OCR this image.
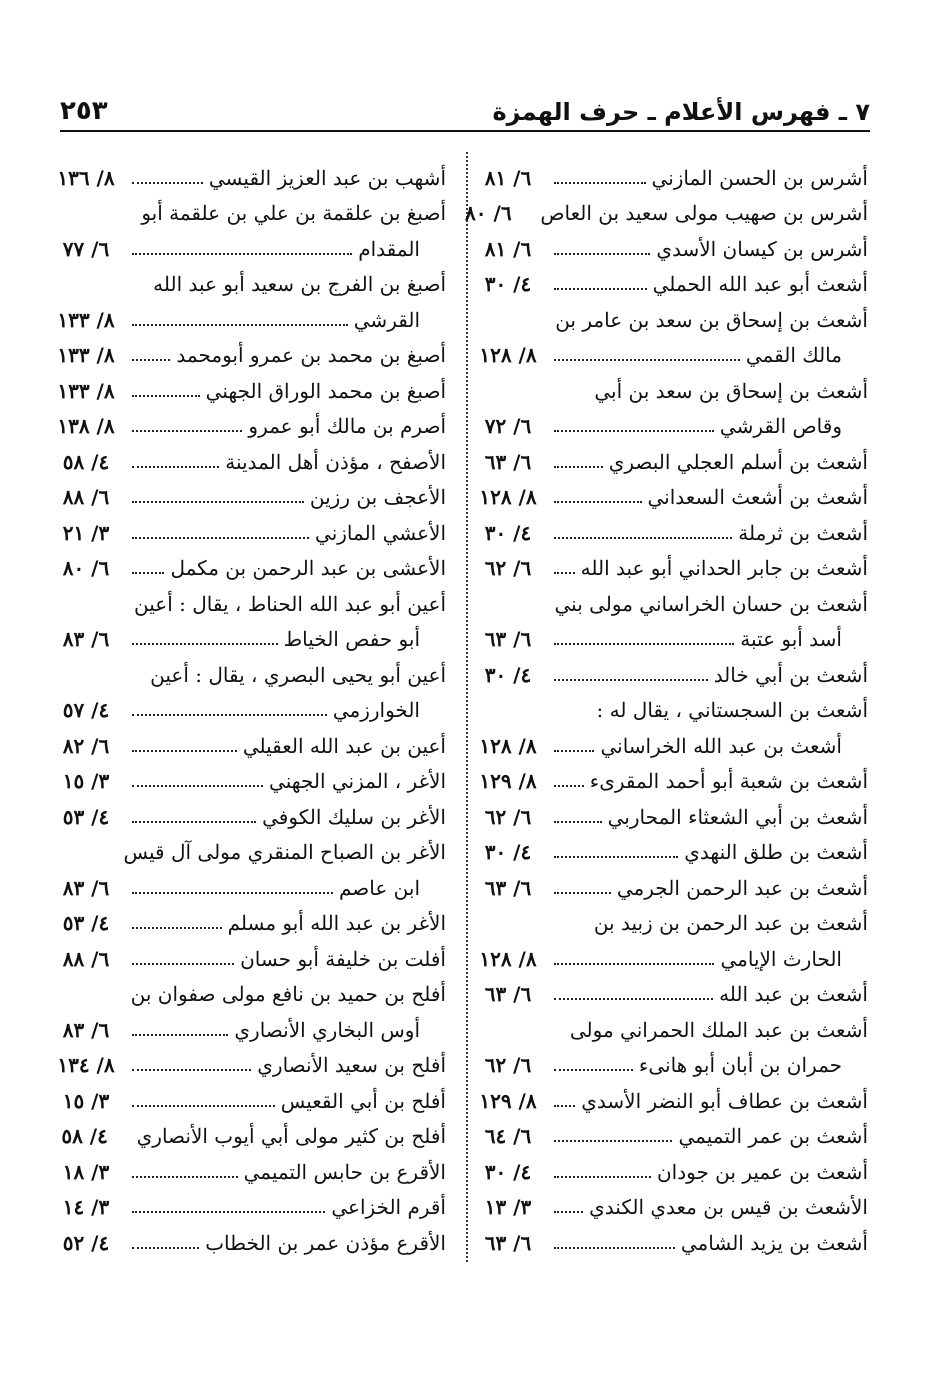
٧ ـ فهرس الأعلام ـ حرف الهمزة
٢٥٣
أشرس بن الحسن المازني
٦/ ٨١
أشرس بن صهيب مولى سعيد بن العاص
٦/ ٨٠
أشرس بن كيسان الأسدي
٦/ ٨١
أشعث أبو عبد الله الحملي
٤/ ٣٠
أشعث بن إسحاق بن سعد بن عامر بن
مالك القمي
٨/ ١٢٨
أشعث بن إسحاق بن سعد بن أبي
وقاص القرشي
٦/ ٧٢
أشعث بن أسلم العجلي البصري
٦/ ٦٣
أشعث بن أشعث السعداني
٨/ ١٢٨
أشعث بن ثرملة
٤/ ٣٠
أشعث بن جابر الحداني أبو عبد الله
٦/ ٦٢
أشعث بن حسان الخراساني مولى بني
أسد أبو عتبة
٦/ ٦٣
أشعث بن أبي خالد
٤/ ٣٠
أشعث بن السجستاني ، يقال له :
أشعث بن عبد الله الخراساني
٨/ ١٢٨
أشعث بن شعبة أبو أحمد المقرىء
٨/ ١٢٩
أشعث بن أبي الشعثاء المحاربي
٦/ ٦٢
أشعث بن طلق النهدي
٤/ ٣٠
أشعث بن عبد الرحمن الجرمي
٦/ ٦٣
أشعث بن عبد الرحمن بن زبيد بن
الحارث الإيامي
٨/ ١٢٨
أشعث بن عبد الله
٦/ ٦٣
أشعث بن عبد الملك الحمراني مولى
حمران بن أبان أبو هانىء
٦/ ٦٢
أشعث بن عطاف أبو النضر الأسدي
٨/ ١٢٩
أشعث بن عمر التميمي
٦/ ٦٤
أشعث بن عمير بن جودان
٤/ ٣٠
الأشعث بن قيس بن معدي الكندي
٣/ ١٣
أشعث بن يزيد الشامي
٦/ ٦٣
أشهب بن عبد العزيز القيسي
٨/ ١٣٦
أصبغ بن علقمة بن علي بن علقمة أبو
المقدام
٦/ ٧٧
أصبغ بن الفرج بن سعيد أبو عبد الله
القرشي
٨/ ١٣٣
أصبغ بن محمد بن عمرو أبومحمد
٨/ ١٣٣
أصبغ بن محمد الوراق الجهني
٨/ ١٣٣
أصرم بن مالك أبو عمرو
٨/ ١٣٨
الأصفح ، مؤذن أهل المدينة
٤/ ٥٨
الأعجف بن رزين
٦/ ٨٨
الأعشي المازني
٣/ ٢١
الأعشى بن عبد الرحمن بن مكمل
٦/ ٨٠
أعين أبو عبد الله الحناط ، يقال : أعين
أبو حفص الخياط
٦/ ٨٣
أعين أبو يحيى البصري ، يقال : أعين
الخوارزمي
٤/ ٥٧
أعين بن عبد الله العقيلي
٦/ ٨٢
الأغر ، المزني الجهني
٣/ ١٥
الأغر بن سليك الكوفي
٤/ ٥٣
الأغر بن الصباح المنقري مولى آل قيس
ابن عاصم
٦/ ٨٣
الأغر بن عبد الله أبو مسلم
٤/ ٥٣
أفلت بن خليفة أبو حسان
٦/ ٨٨
أفلح بن حميد بن نافع مولى صفوان بن
أوس البخاري الأنصاري
٦/ ٨٣
أفلح بن سعيد الأنصاري
٨/ ١٣٤
أفلح بن أبي القعيس
٣/ ١٥
أفلح بن كثير مولى أبي أيوب الأنصاري
٤/ ٥٨
الأقرع بن حابس التميمي
٣/ ١٨
أقرم الخزاعي
٣/ ١٤
الأقرع مؤذن عمر بن الخطاب
٤/ ٥٢
